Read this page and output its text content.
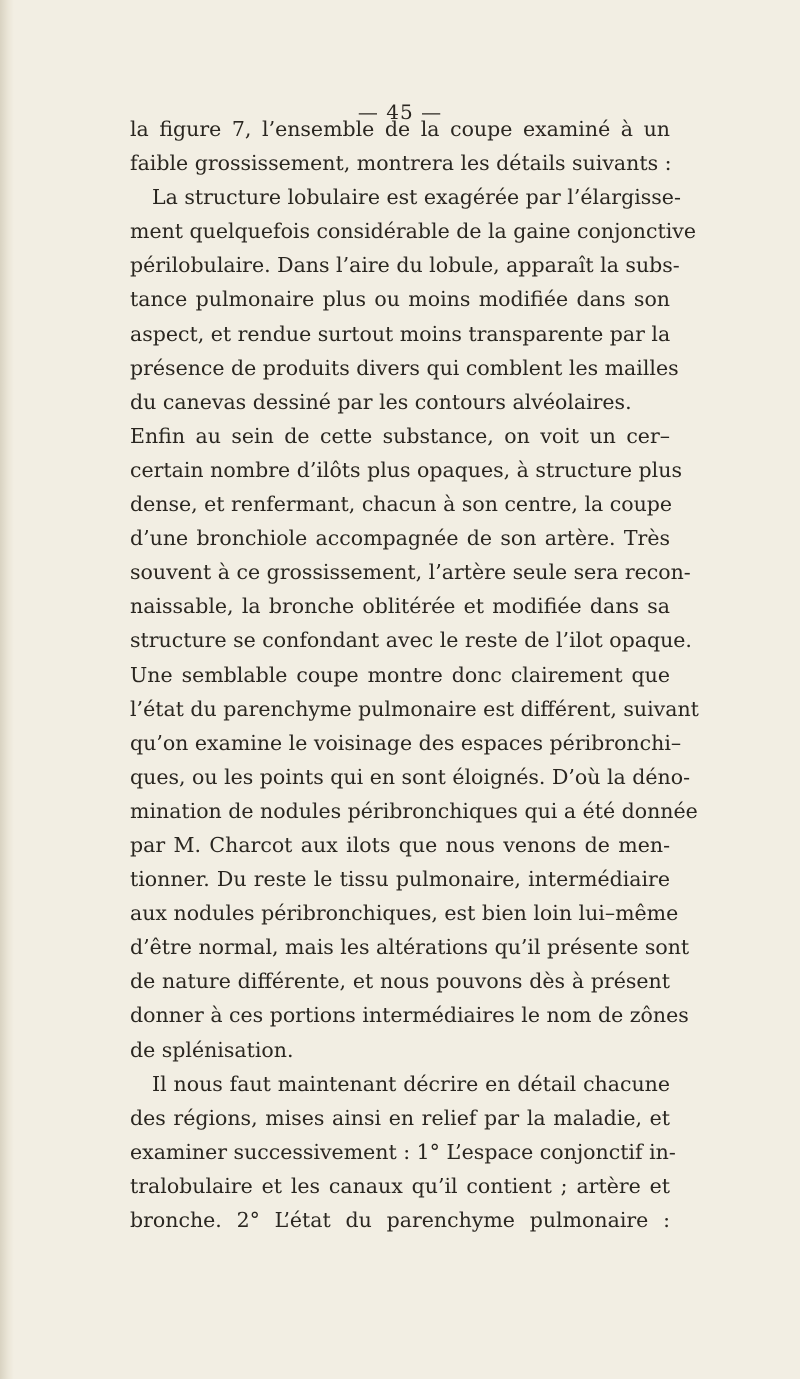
— 45 —
la figure 7, l’ensemble de la coupe examiné à un
faible grossissement, montrera les détails suivants :
La structure lobulaire est exagérée par l’élargisse-
ment quelquefois considérable de la gaine conjonctive
périlobulaire. Dans l’aire du lobule, apparaît la subs-
tance pulmonaire plus ou moins modifiée dans son
aspect, et rendue surtout moins transparente par la
présence de produits divers qui comblent les mailles
du canevas dessiné par les contours alvéolaires.
Enfin au sein de cette substance, on voit un cer–
certain nombre d’ilôts plus opaques, à structure plus
dense, et renfermant, chacun à son centre, la coupe
d’une bronchiole accompagnée de son artère. Très
souvent à ce grossissement, l’artère seule sera recon-
naissable, la bronche oblitérée et modifiée dans sa
structure se confondant avec le reste de l’ilot opaque.
Une semblable coupe montre donc clairement que
l’état du parenchyme pulmonaire est différent, suivant
qu’on examine le voisinage des espaces péribronchi–
ques, ou les points qui en sont éloignés. D’où la déno-
mination de nodules péribronchiques qui a été donnée
par M. Charcot aux ilots que nous venons de men-
tionner. Du reste le tissu pulmonaire, intermédiaire
aux nodules péribronchiques, est bien loin lui–même
d’être normal, mais les altérations qu’il présente sont
de nature différente, et nous pouvons dès à présent
donner à ces portions intermédiaires le nom de zônes
de splénisation.
Il nous faut maintenant décrire en détail chacune
des régions, mises ainsi en relief par la maladie, et
examiner successivement : 1° L’espace conjonctif in-
tralobulaire et les canaux qu’il contient ; artère et
bronche. 2° L’état du parenchyme pulmonaire :
